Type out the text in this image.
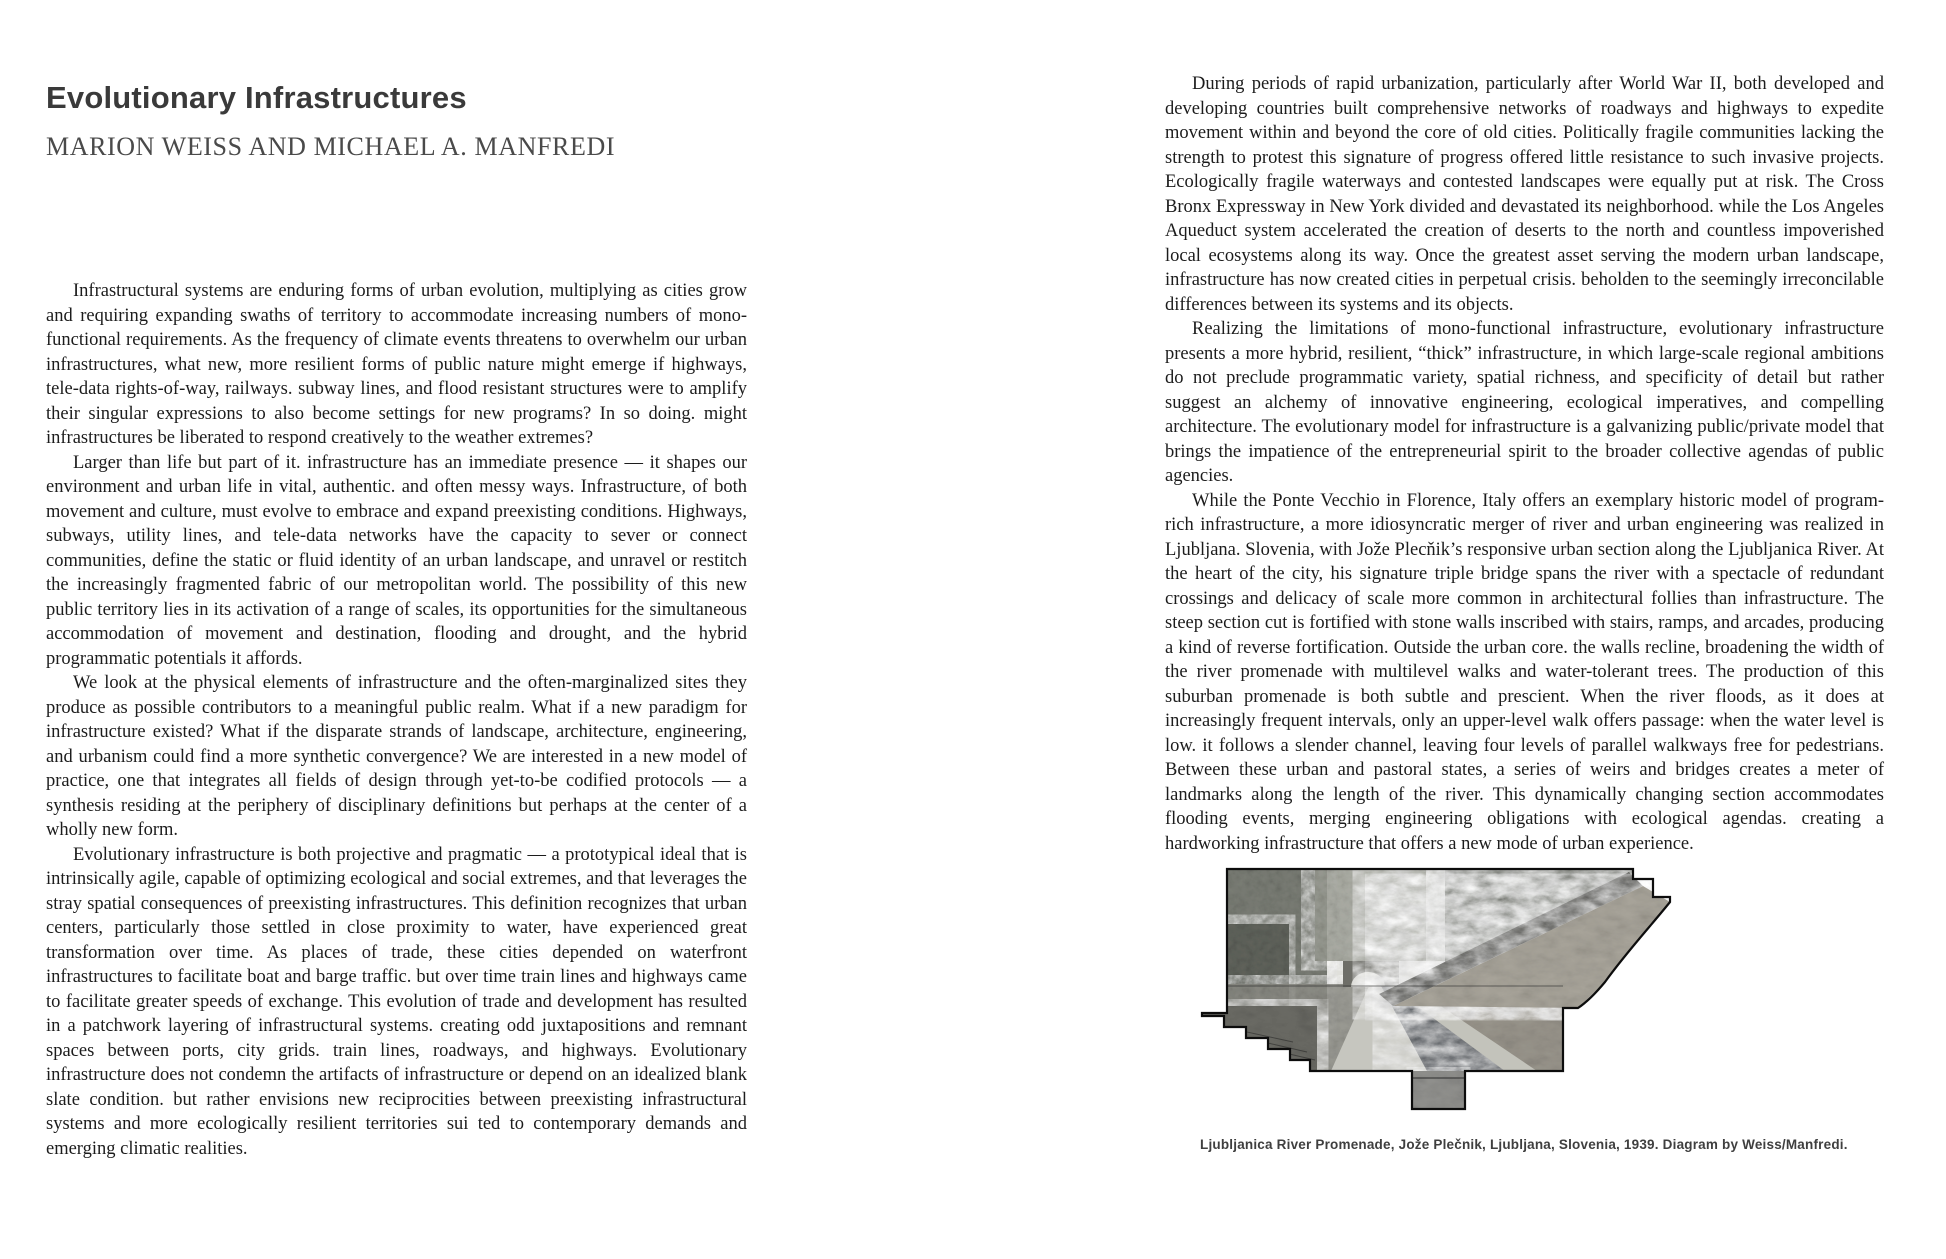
Evolutionary Infrastructures
MARION WEISS AND MICHAEL A. MANFREDI

Infrastructural systems are enduring forms of urban evolution, multiplying as cities grow and requiring expanding swaths of territory to accommodate increasing numbers of mono-functional requirements. As the frequency of climate events threatens to overwhelm our urban infrastructures, what new, more resilient forms of public nature might emerge if highways, tele-data rights-of-way, railways. subway lines, and flood resistant structures were to amplify their singular expressions to also become settings for new programs? In so doing. might infrastructures be liberated to respond creatively to the weather extremes?

Larger than life but part of it. infrastructure has an immediate presence — it shapes our environment and urban life in vital, authentic. and often messy ways. Infrastructure, of both movement and culture, must evolve to embrace and expand preexisting conditions. Highways, subways, utility lines, and tele-data networks have the capacity to sever or connect communities, define the static or fluid identity of an urban landscape, and unravel or restitch the increasingly fragmented fabric of our metropolitan world. The possibility of this new public territory lies in its activation of a range of scales, its opportunities for the simultaneous accommodation of movement and destination, flooding and drought, and the hybrid programmatic potentials it affords.

We look at the physical elements of infrastructure and the often-marginalized sites they produce as possible contributors to a meaningful public realm. What if a new paradigm for infrastructure existed? What if the disparate strands of landscape, architecture, engineering, and urbanism could find a more synthetic convergence? We are interested in a new model of practice, one that integrates all fields of design through yet-to-be codified protocols — a synthesis residing at the periphery of disciplinary definitions but perhaps at the center of a wholly new form.

Evolutionary infrastructure is both projective and pragmatic — a prototypical ideal that is intrinsically agile, capable of optimizing ecological and social extremes, and that leverages the stray spatial consequences of preexisting infrastructures. This definition recognizes that urban centers, particularly those settled in close proximity to water, have experienced great transformation over time. As places of trade, these cities depended on waterfront infrastructures to facilitate boat and barge traffic. but over time train lines and highways came to facilitate greater speeds of exchange. This evolution of trade and development has resulted in a patchwork layering of infrastructural systems. creating odd juxtapositions and remnant spaces between ports, city grids. train lines, roadways, and highways. Evolutionary infrastructure does not condemn the artifacts of infrastructure or depend on an idealized blank slate condition. but rather envisions new reciprocities between preexisting infrastructural systems and more ecologically resilient territories sui ted to contemporary demands and emerging climatic realities.

During periods of rapid urbanization, particularly after World War II, both developed and developing countries built comprehensive networks of roadways and highways to expedite movement within and beyond the core of old cities. Politically fragile communities lacking the strength to protest this signature of progress offered little resistance to such invasive projects. Ecologically fragile waterways and contested landscapes were equally put at risk. The Cross Bronx Expressway in New York divided and devastated its neighborhood. while the Los Angeles Aqueduct system accelerated the creation of deserts to the north and countless impoverished local ecosystems along its way. Once the greatest asset serving the modern urban landscape, infrastructure has now created cities in perpetual crisis. beholden to the seemingly irreconcilable differences between its systems and its objects.

Realizing the limitations of mono-functional infrastructure, evolutionary infrastructure presents a more hybrid, resilient, “thick” infrastructure, in which large-scale regional ambitions do not preclude programmatic variety, spatial richness, and specificity of detail but rather suggest an alchemy of innovative engineering, ecological imperatives, and compelling architecture. The evolutionary model for infrastructure is a galvanizing public/private model that brings the impatience of the entrepreneurial spirit to the broader collective agendas of public agencies.

While the Ponte Vecchio in Florence, Italy offers an exemplary historic model of program-rich infrastructure, a more idiosyncratic merger of river and urban engineering was realized in Ljubljana. Slovenia, with Jože Plecňik’s responsive urban section along the Ljubljanica River. At the heart of the city, his signature triple bridge spans the river with a spectacle of redundant crossings and delicacy of scale more common in architectural follies than infrastructure. The steep section cut is fortified with stone walls inscribed with stairs, ramps, and arcades, producing a kind of reverse fortification. Outside the urban core. the walls recline, broadening the width of the river promenade with multilevel walks and water-tolerant trees. The production of this suburban promenade is both subtle and prescient. When the river floods, as it does at increasingly frequent intervals, only an upper-level walk offers passage: when the water level is low. it follows a slender channel, leaving four levels of parallel walkways free for pedestrians. Between these urban and pastoral states, a series of weirs and bridges creates a meter of landmarks along the length of the river. This dynamically changing section accommodates flooding events, merging engineering obligations with ecological agendas. creating a hardworking infrastructure that offers a new mode of urban experience.

Ljubljanica River Promenade, Jože Plečnik, Ljubljana, Slovenia, 1939. Diagram by Weiss/Manfredi.
